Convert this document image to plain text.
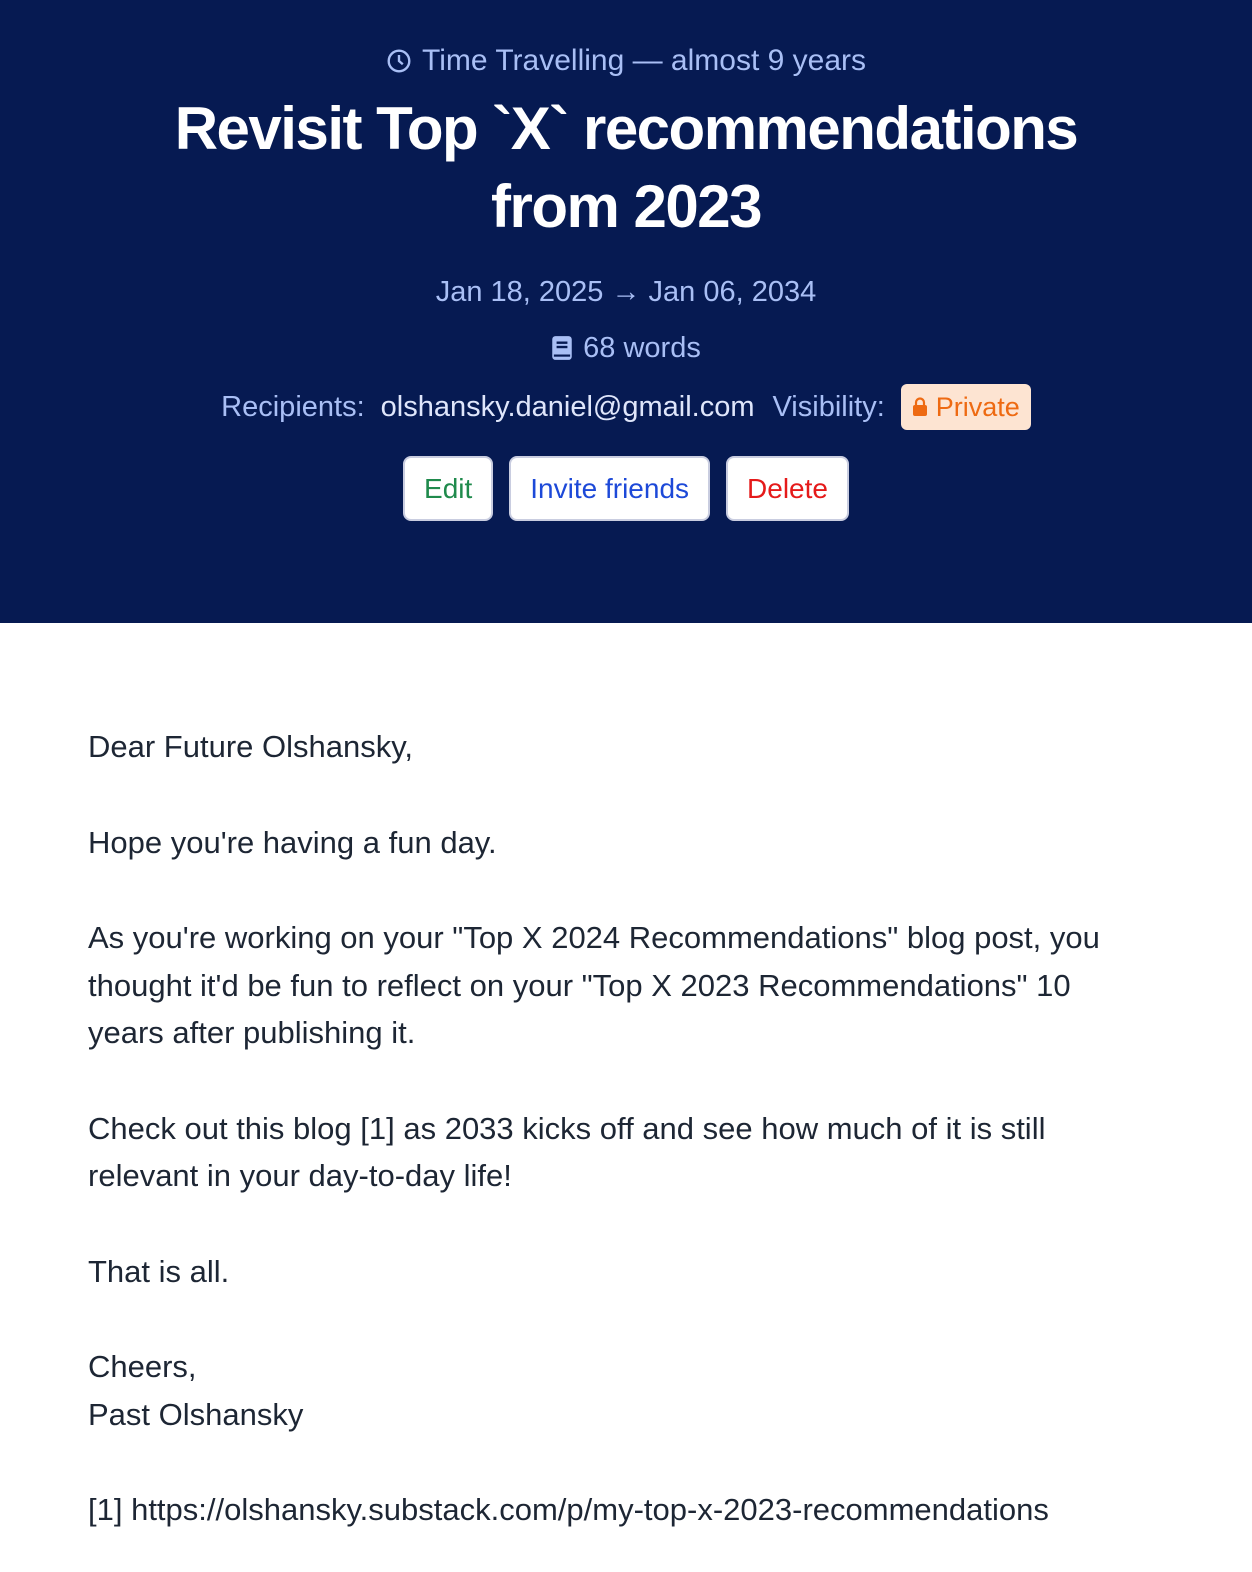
Time Travelling — almost 9 years
Revisit Top `X` recommendations from 2023
Jan 18, 2025 → Jan 06, 2034
68 words
Recipients: olshansky.daniel@gmail.com Visibility: Private
Edit	Invite friends	Delete

Dear Future Olshansky,

Hope you're having a fun day.

As you're working on your "Top X 2024 Recommendations" blog post, you thought it'd be fun to reflect on your "Top X 2023 Recommendations" 10 years after publishing it.

Check out this blog [1] as 2033 kicks off and see how much of it is still relevant in your day-to-day life!

That is all.

Cheers,
Past Olshansky

[1] https://olshansky.substack.com/p/my-top-x-2023-recommendations
